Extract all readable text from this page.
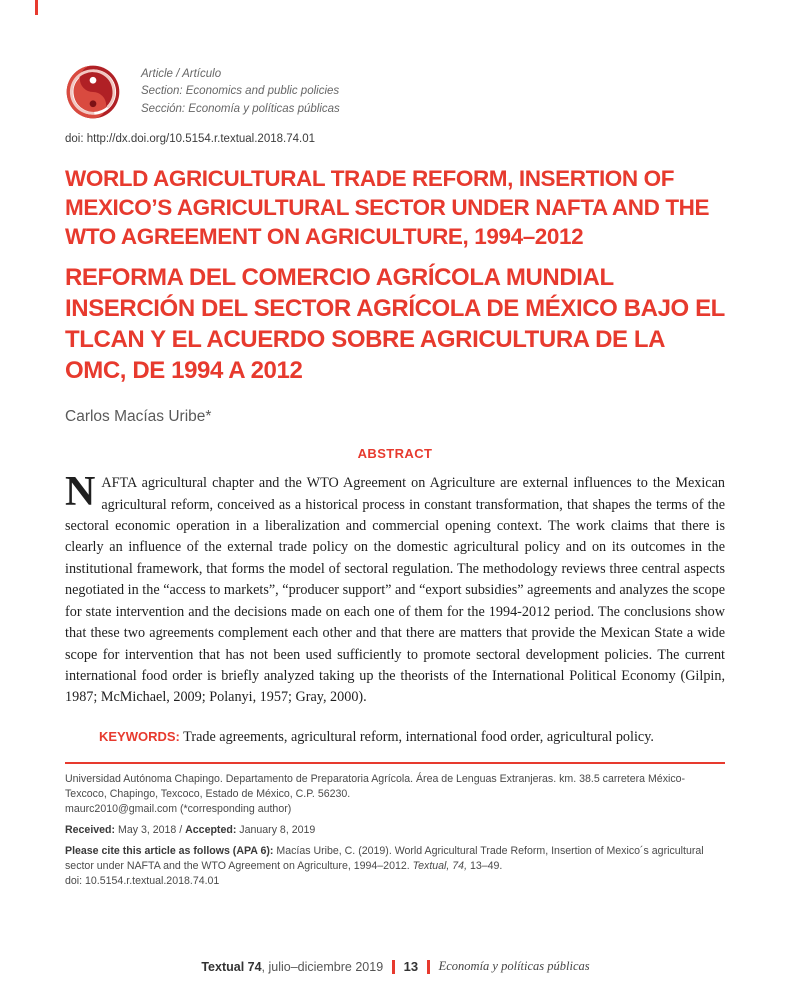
Article / Artículo
Section: Economics and public policies
Sección: Economía y políticas públicas
doi: http://dx.doi.org/10.5154.r.textual.2018.74.01
WORLD AGRICULTURAL TRADE REFORM, INSERTION OF MEXICO’S AGRICULTURAL SECTOR UNDER NAFTA AND THE WTO AGREEMENT ON AGRICULTURE, 1994–2012
REFORMA DEL COMERCIO AGRÍCOLA MUNDIAL INSERCIÓN DEL SECTOR AGRÍCOLA DE MÉXICO BAJO EL TLCAN Y EL ACUERDO SOBRE AGRICULTURA DE LA OMC, DE 1994 A 2012
Carlos Macías Uribe*
ABSTRACT

NAFTA agricultural chapter and the WTO Agreement on Agriculture are external influences to the Mexican agricultural reform, conceived as a historical process in constant transformation, that shapes the terms of the sectoral economic operation in a liberalization and commercial opening context. The work claims that there is clearly an influence of the external trade policy on the domestic agricultural policy and on its outcomes in the institutional framework, that forms the model of sectoral regulation. The methodology reviews three central aspects negotiated in the “access to markets”, “producer support” and “export subsidies” agreements and analyzes the scope for state intervention and the decisions made on each one of them for the 1994-2012 period. The conclusions show that these two agreements complement each other and that there are matters that provide the Mexican State a wide scope for intervention that has not been used sufficiently to promote sectoral development policies. The current international food order is briefly analyzed taking up the theorists of the International Political Economy (Gilpin, 1987; McMichael, 2009; Polanyi, 1957; Gray, 2000).

KEYWORDS: Trade agreements, agricultural reform, international food order, agricultural policy.
Universidad Autónoma Chapingo. Departamento de Preparatoria Agrícola. Área de Lenguas Extranjeras. km. 38.5 carretera México-Texcoco, Chapingo, Texcoco, Estado de México, C.P. 56230.
maurc2010@gmail.com (*corresponding author)
Received: May 3, 2018 / Accepted: January 8, 2019
Please cite this article as follows (APA 6): Macías Uribe, C. (2019). World Agricultural Trade Reform, Insertion of Mexico´s agricultural sector under NAFTA and the WTO Agreement on Agriculture, 1994–2012. Textual, 74, 13–49.
doi: 10.5154.r.textual.2018.74.01
Textual 74, julio–diciembre 2019 13 Economía y políticas públicas
